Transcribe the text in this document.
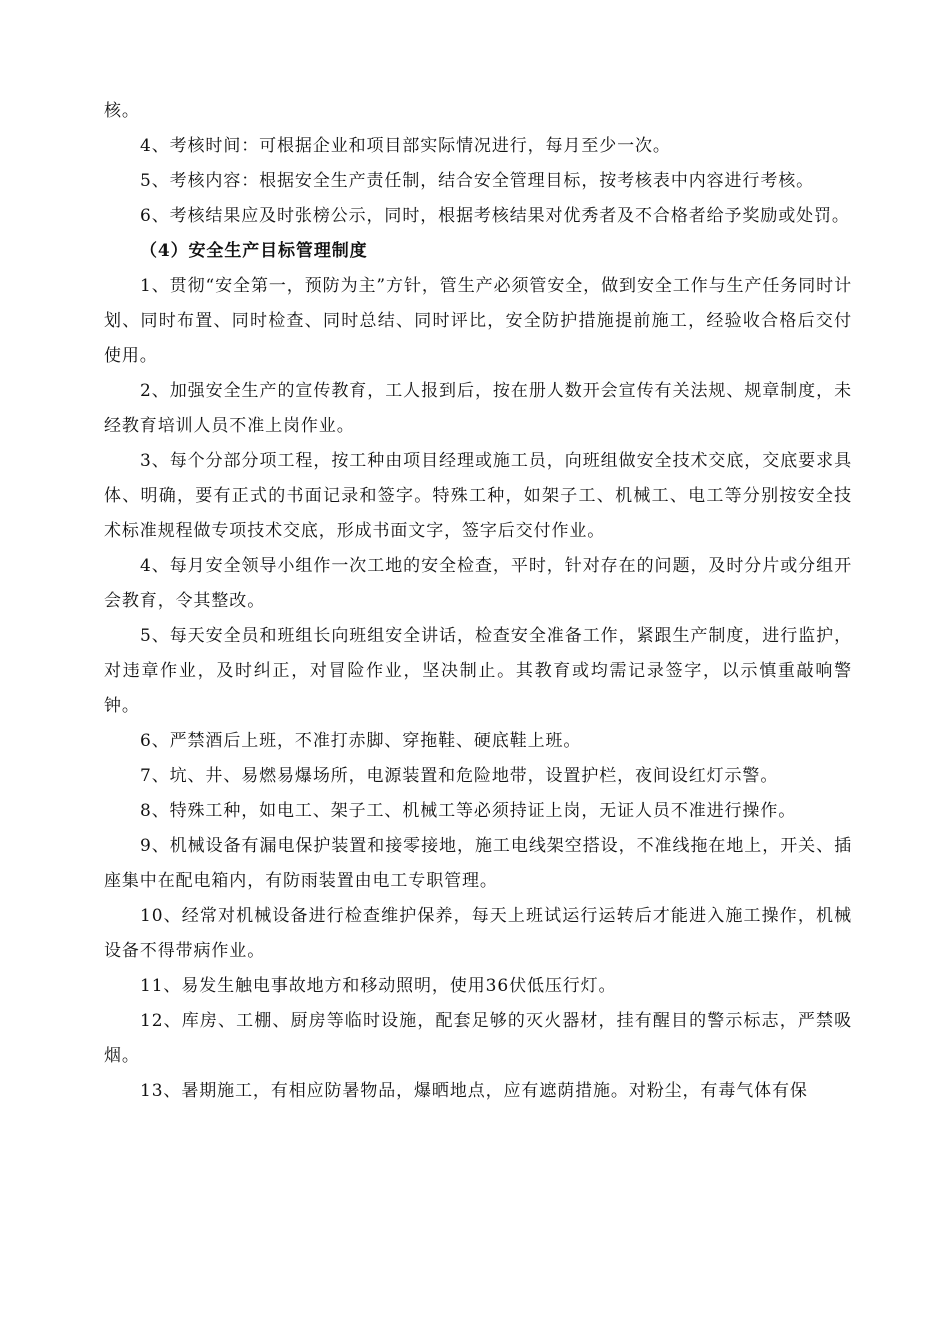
核。

4、考核时间：可根据企业和项目部实际情况进行，每月至少一次。

5、考核内容：根据安全生产责任制，结合安全管理目标，按考核表中内容进行考核。

6、考核结果应及时张榜公示，同时，根据考核结果对优秀者及不合格者给予奖励或处罚。

（4）安全生产目标管理制度

1、贯彻“安全第一，预防为主”方针，管生产必须管安全，做到安全工作与生产任务同时计划、同时布置、同时检查、同时总结、同时评比，安全防护措施提前施工，经验收合格后交付使用。

2、加强安全生产的宣传教育，工人报到后，按在册人数开会宣传有关法规、规章制度，未经教育培训人员不准上岗作业。

3、每个分部分项工程，按工种由项目经理或施工员，向班组做安全技术交底，交底要求具体、明确，要有正式的书面记录和签字。特殊工种，如架子工、机械工、电工等分别按安全技术标准规程做专项技术交底，形成书面文字，签字后交付作业。

4、每月安全领导小组作一次工地的安全检查，平时，针对存在的问题，及时分片或分组开会教育，令其整改。

5、每天安全员和班组长向班组安全讲话，检查安全准备工作，紧跟生产制度，进行监护，对违章作业，及时纠正，对冒险作业，坚决制止。其教育或均需记录签字，以示慎重敲响警钟。

6、严禁酒后上班，不准打赤脚、穿拖鞋、硬底鞋上班。

7、坑、井、易燃易爆场所，电源装置和危险地带，设置护栏，夜间设红灯示警。

8、特殊工种，如电工、架子工、机械工等必须持证上岗，无证人员不准进行操作。

9、机械设备有漏电保护装置和接零接地，施工电线架空搭设，不准线拖在地上，开关、插座集中在配电箱内，有防雨装置由电工专职管理。

10、经常对机械设备进行检查维护保养，每天上班试运行运转后才能进入施工操作，机械设备不得带病作业。

11、易发生触电事故地方和移动照明，使用36伏低压行灯。

12、库房、工棚、厨房等临时设施，配套足够的灭火器材，挂有醒目的警示标志，严禁吸烟。

13、暑期施工，有相应防暑物品，爆晒地点，应有遮荫措施。对粉尘，有毒气体有保
